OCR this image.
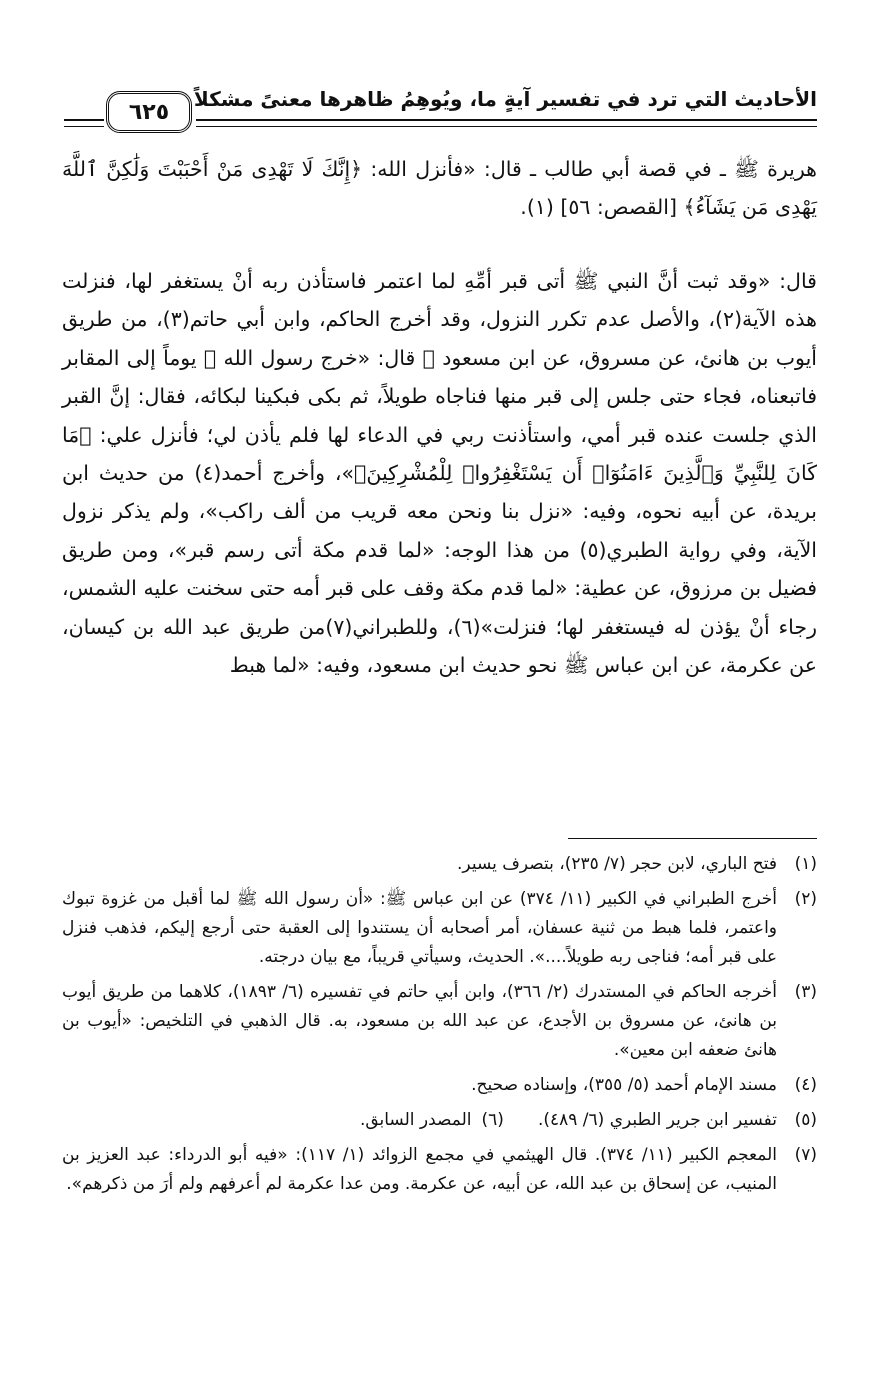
الأحاديث التي ترد في تفسير آيةٍ ما، ويُوهِمُ ظاهرها معنىً مشكلاً
٦٢٥

هريرة ﷺ ـ في قصة أبي طالب ـ قال: «فأنزل الله: ﴿إِنَّكَ لَا تَهْدِى مَنْ أَحْبَبْتَ وَلَٰكِنَّ ٱللَّهَ يَهْدِى مَن يَشَآءُ﴾ [القصص: ٥٦] (١).

قال: «وقد ثبت أنَّ النبي ﷺ أتى قبر أمِّهِ لما اعتمر فاستأذن ربه أنْ يستغفر لها، فنزلت هذه الآية(٢)، والأصل عدم تكرر النزول، وقد أخرج الحاكم، وابن أبي حاتم(٣)، من طريق أيوب بن هانئ، عن مسروق، عن ابن مسعود ﷺ قال: «خرج رسول الله ﷺ يوماً إلى المقابر فاتبعناه، فجاء حتى جلس إلى قبر منها فناجاه طويلاً، ثم بكى فبكينا لبكائه، فقال: إنَّ القبر الذي جلست عنده قبر أمي، واستأذنت ربي في الدعاء لها فلم يأذن لي؛ فأنزل علي: ﴿مَا كَانَ لِلنَّبِيِّ وَٱلَّذِينَ ءَامَنُوٓا۟ أَن يَسْتَغْفِرُوا۟ لِلْمُشْرِكِينَ﴾»، وأخرج أحمد(٤) من حديث ابن بريدة، عن أبيه نحوه، وفيه: «نزل بنا ونحن معه قريب من ألف راكب»، ولم يذكر نزول الآية، وفي رواية الطبري(٥) من هذا الوجه: «لما قدم مكة أتى رسم قبر»، ومن طريق فضيل بن مرزوق، عن عطية: «لما قدم مكة وقف على قبر أمه حتى سخنت عليه الشمس، رجاء أنْ يؤذن له فيستغفر لها؛ فنزلت»(٦)، وللطبراني(٧)من طريق عبد الله بن كيسان، عن عكرمة، عن ابن عباس ﷺ نحو حديث ابن مسعود، وفيه: «لما هبط

(١)
فتح الباري، لابن حجر (٧/ ٢٣٥)، بتصرف يسير.
(٢)
أخرج الطبراني في الكبير (١١/ ٣٧٤) عن ابن عباس ﷺ: «أن رسول الله ﷺ لما أقبل من غزوة تبوك واعتمر، فلما هبط من ثنية عسفان، أمر أصحابه أن يستندوا إلى العقبة حتى أرجع إليكم، فذهب فنزل على قبر أمه؛ فناجى ربه طويلاً....». الحديث، وسيأتي قريباً، مع بيان درجته.
(٣)
أخرجه الحاكم في المستدرك (٢/ ٣٦٦)، وابن أبي حاتم في تفسيره (٦/ ١٨٩٣)، كلاهما من طريق أيوب بن هانئ، عن مسروق بن الأجدع، عن عبد الله بن مسعود، به. قال الذهبي في التلخيص: «أيوب بن هانئ ضعفه ابن معين».
(٤)
مسند الإمام أحمد (٥/ ٣٥٥)، وإسناده صحيح.
(٥)
تفسير ابن جرير الطبري (٦/ ٤٨٩).(٦)المصدر السابق.
(٧)
المعجم الكبير (١١/ ٣٧٤). قال الهيثمي في مجمع الزوائد (١/ ١١٧): «فيه أبو الدرداء: عبد العزيز بن المنيب، عن إسحاق بن عبد الله، عن أبيه، عن عكرمة. ومن عدا عكرمة لم أعرفهم ولم أرَ من ذكرهم».
